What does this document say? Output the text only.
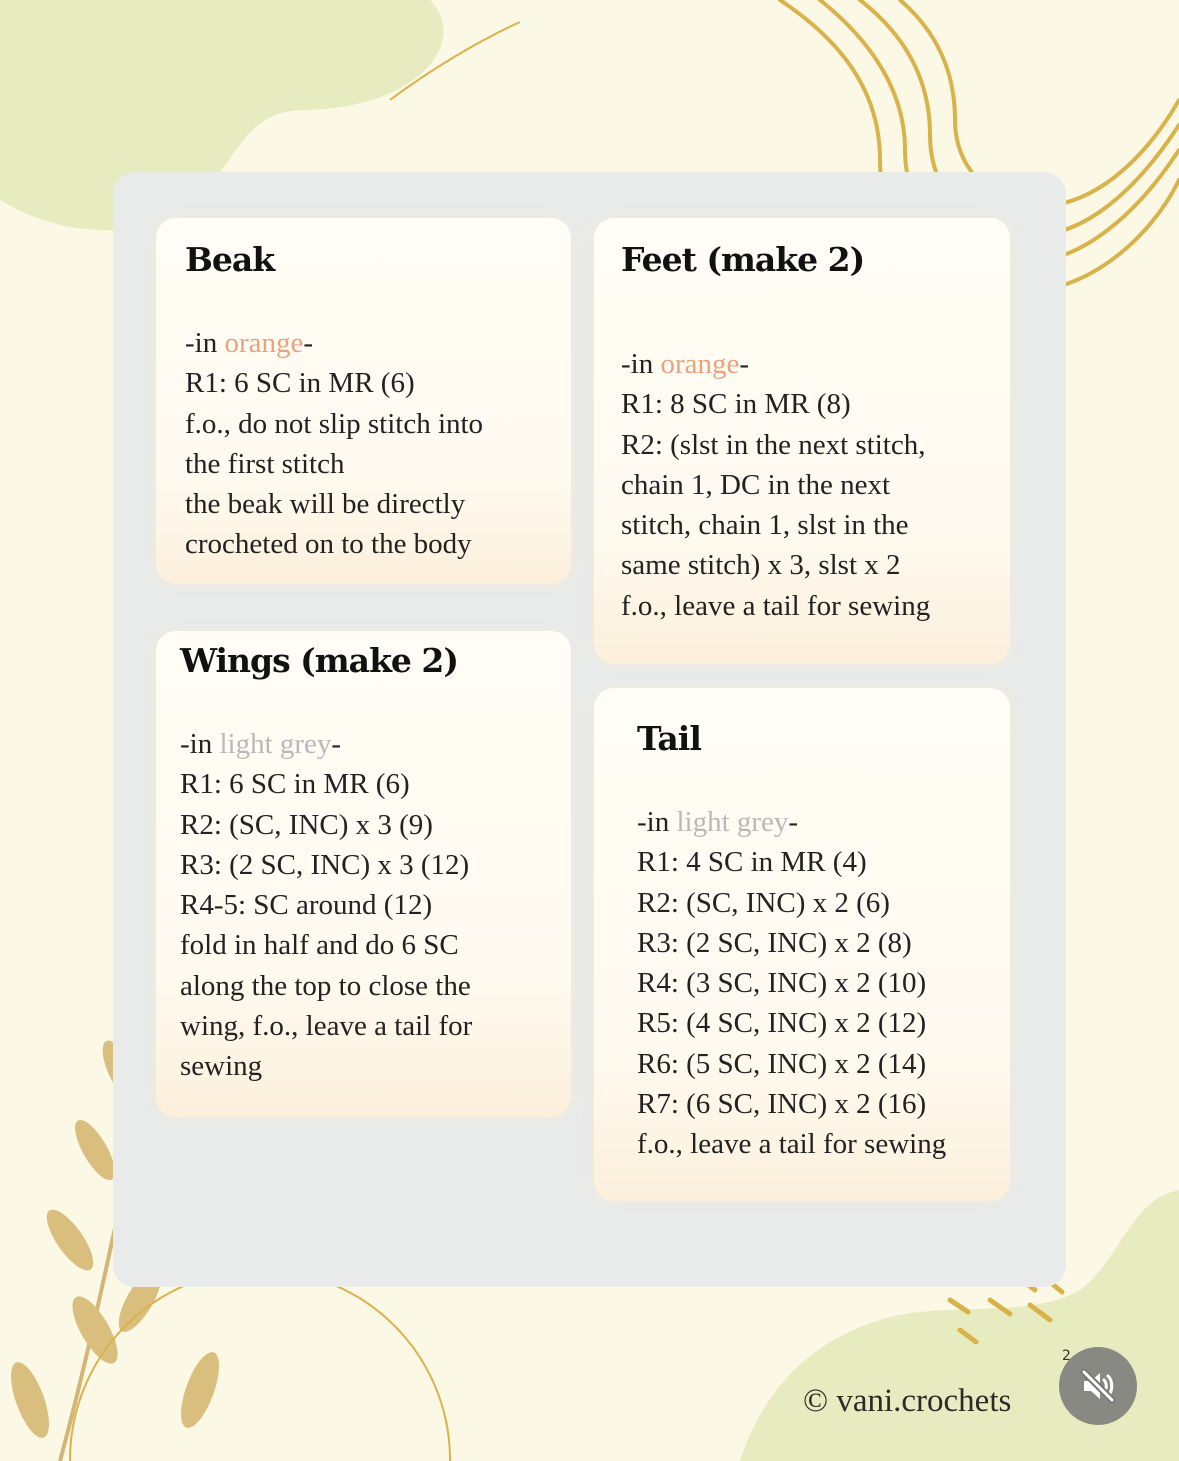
Beak
-in orange-
R1: 6 SC in MR (6)
f.o., do not slip stitch into
the first stitch
the beak will be directly
crocheted on to the body
Feet (make 2)
-in orange-
R1: 8 SC in MR (8)
R2: (slst in the next stitch,
chain 1, DC in the next
stitch, chain 1, slst in the
same stitch) x 3, slst x 2
f.o., leave a tail for sewing
Wings (make 2)
-in light grey-
R1: 6 SC in MR (6)
R2: (SC, INC) x 3 (9)
R3: (2 SC, INC) x 3 (12)
R4-5: SC around (12)
fold in half and do 6 SC
along the top to close the
wing, f.o., leave a tail for
sewing
Tail
-in light grey-
R1: 4 SC in MR (4)
R2: (SC, INC) x 2 (6)
R3: (2 SC, INC) x 2 (8)
R4: (3 SC, INC) x 2 (10)
R5: (4 SC, INC) x 2 (12)
R6: (5 SC, INC) x 2 (14)
R7: (6 SC, INC) x 2 (16)
f.o., leave a tail for sewing
© vani.crochets
2
